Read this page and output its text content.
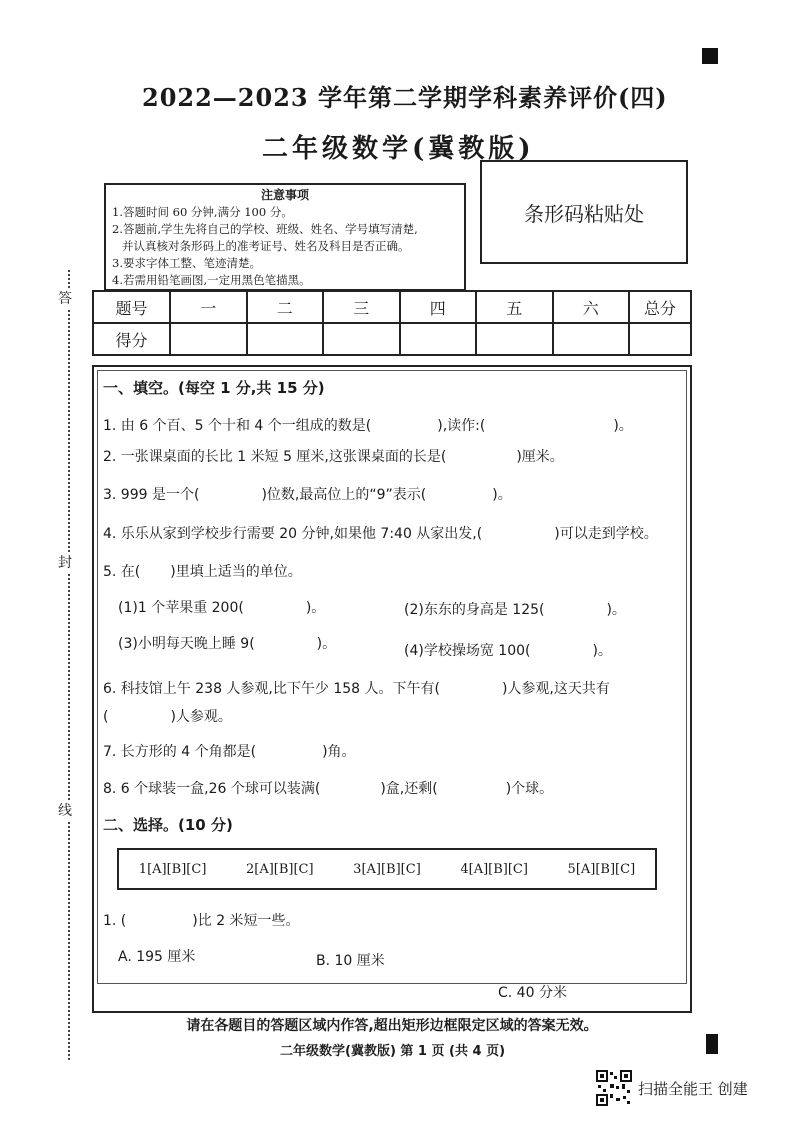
答
封
线
2022—2023 学年第二学期学科素养评价(四)
二年级数学(冀教版)
注意事项
1.答题时间 60 分钟,满分 100 分。
2.答题前,学生先将自己的学校、班级、姓名、学号填写清楚,
并认真核对条形码上的准考证号、姓名及科目是否正确。
3.要求字体工整、笔迹清楚。
4.若需用铅笔画图,一定用黑色笔描黑。
条形码粘贴处
题号	一	二	三	四	五	六	总分
得分							
一、填空。(每空 1 分,共 15 分)
1. 由 6 个百、5 个十和 4 个一组成的数是(	),读作:(	)。
2. 一张课桌面的长比 1 米短 5 厘米,这张课桌面的长是(	)厘米。
3. 999 是一个(	)位数,最高位上的“9”表示(	)。
4. 乐乐从家到学校步行需要 20 分钟,如果他 7:40 从家出发,(	)可以走到学校。
5. 在( )里填上适当的单位。
(1)1 个苹果重 200(	)。	(2)东东的身高是 125(	)。
(3)小明每天晚上睡 9(	)。	(4)学校操场宽 100(	)。
6. 科技馆上午 238 人参观,比下午少 158 人。下午有(	)人参观,这天共有
(	)人参观。
7. 长方形的 4 个角都是(	)角。
8. 6 个球装一盒,26 个球可以装满(	)盒,还剩(	)个球。
二、选择。(10 分)
1[A][B][C]	2[A][B][C]	3[A][B][C]	4[A][B][C]	5[A][B][C]
1. (	)比 2 米短一些。
A. 195 厘米	B. 10 厘米
C. 40 分米
请在各题目的答题区域内作答,超出矩形边框限定区域的答案无效。
二年级数学(冀教版) 第 1 页 (共 4 页)
扫描全能王 创建
